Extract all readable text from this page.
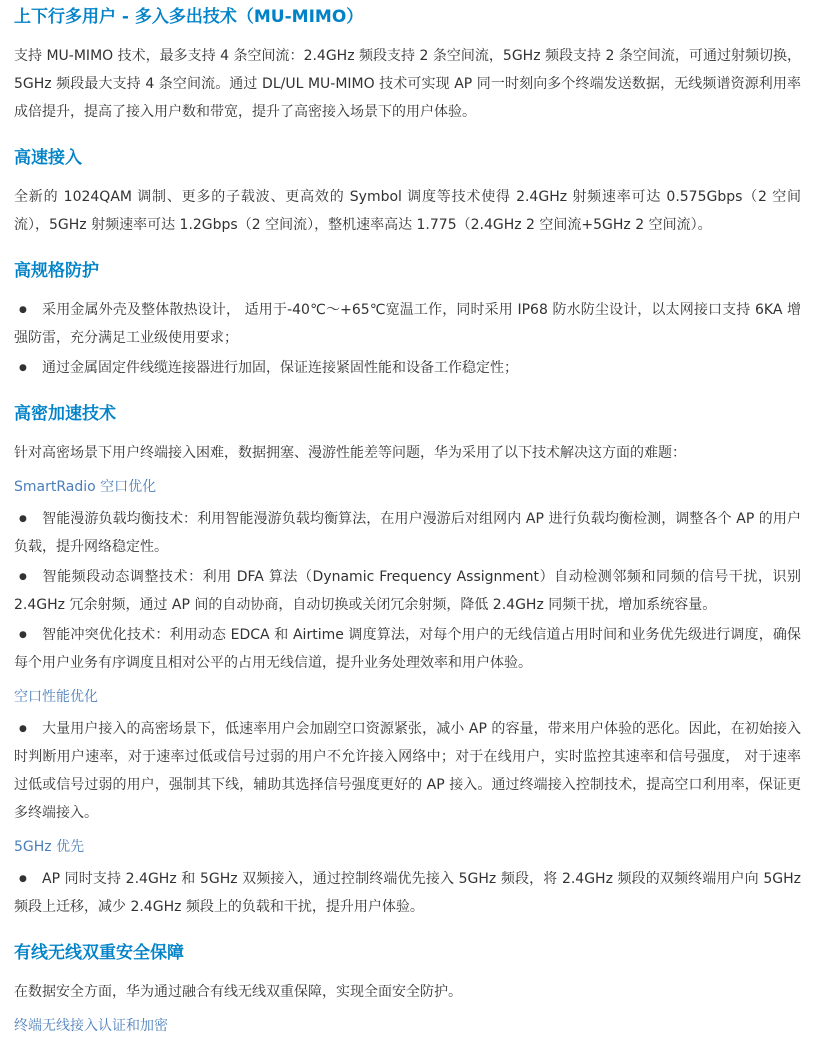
上下行多用户 - 多入多出技术（MU-MIMO）

支持 MU-MIMO 技术，最多支持 4 条空间流：2.4GHz 频段支持 2 条空间流，5GHz 频段支持 2 条空间流，可通过射频切换，5GHz 频段最大支持 4 条空间流。通过 DL/UL MU-MIMO 技术可实现 AP 同一时刻向多个终端发送数据，无线频谱资源利用率成倍提升，提高了接入用户数和带宽，提升了高密接入场景下的用户体验。

高速接入

全新的 1024QAM 调制、更多的子载波、更高效的 Symbol 调度等技术使得 2.4GHz 射频速率可达 0.575Gbps（2 空间流），5GHz 射频速率可达 1.2Gbps（2 空间流），整机速率高达 1.775（2.4GHz 2 空间流+5GHz 2 空间流）。

高规格防护

● 采用金属外壳及整体散热设计， 适用于-40℃～+65℃宽温工作，同时采用 IP68 防水防尘设计，以太网接口支持 6KA 增强防雷，充分满足工业级使用要求；

● 通过金属固定件线缆连接器进行加固，保证连接紧固性能和设备工作稳定性；

高密加速技术

针对高密场景下用户终端接入困难，数据拥塞、漫游性能差等问题，华为采用了以下技术解决这方面的难题：

SmartRadio 空口优化

● 智能漫游负载均衡技术：利用智能漫游负载均衡算法，在用户漫游后对组网内 AP 进行负载均衡检测，调整各个 AP 的用户负载，提升网络稳定性。

● 智能频段动态调整技术：利用 DFA 算法（Dynamic Frequency Assignment）自动检测邻频和同频的信号干扰，识别 2.4GHz 冗余射频，通过 AP 间的自动协商，自动切换或关闭冗余射频，降低 2.4GHz 同频干扰，增加系统容量。

● 智能冲突优化技术：利用动态 EDCA 和 Airtime 调度算法，对每个用户的无线信道占用时间和业务优先级进行调度，确保每个用户业务有序调度且相对公平的占用无线信道，提升业务处理效率和用户体验。

空口性能优化

● 大量用户接入的高密场景下，低速率用户会加剧空口资源紧张，减小 AP 的容量，带来用户体验的恶化。因此，在初始接入时判断用户速率，对于速率过低或信号过弱的用户不允许接入网络中；对于在线用户，实时监控其速率和信号强度， 对于速率过低或信号过弱的用户，强制其下线，辅助其选择信号强度更好的 AP 接入。通过终端接入控制技术，提高空口利用率，保证更多终端接入。

5GHz 优先

● AP 同时支持 2.4GHz 和 5GHz 双频接入，通过控制终端优先接入 5GHz 频段，将 2.4GHz 频段的双频终端用户向 5GHz 频段上迁移，减少 2.4GHz 频段上的负载和干扰，提升用户体验。

有线无线双重安全保障

在数据安全方面，华为通过融合有线无线双重保障，实现全面安全防护。

终端无线接入认证和加密
